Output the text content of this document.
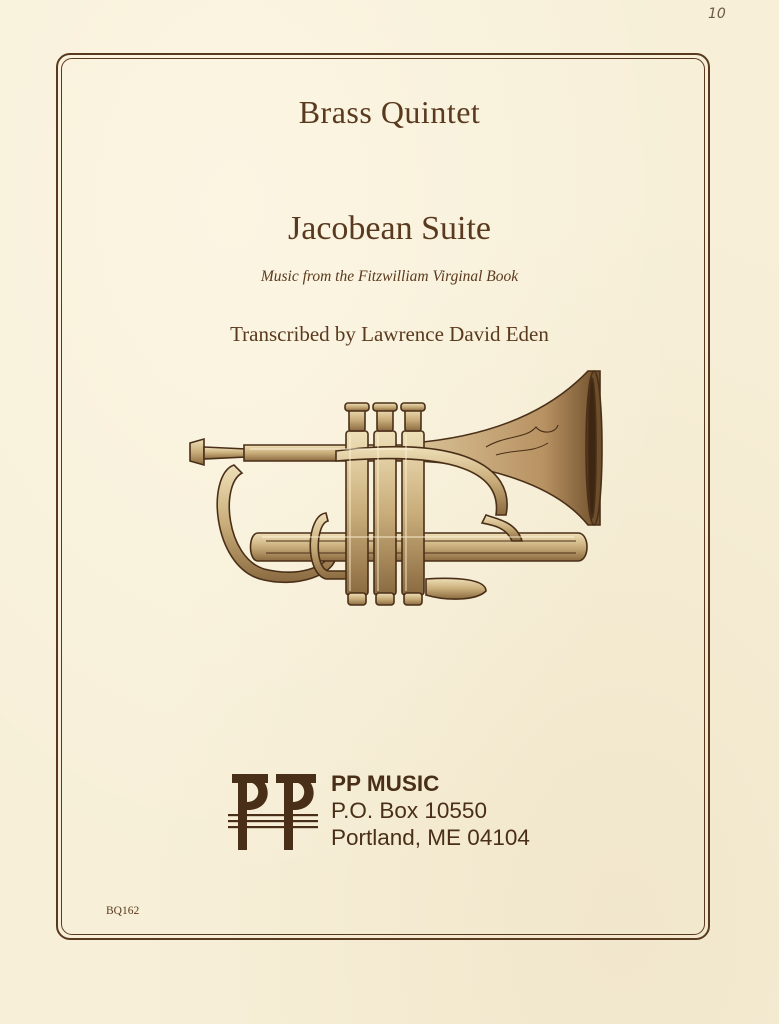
10
Brass Quintet
Jacobean Suite
Music from the Fitzwilliam Virginal Book
Transcribed by Lawrence David Eden
PP MUSIC
P.O. Box 10550
Portland, ME 04104
BQ162
